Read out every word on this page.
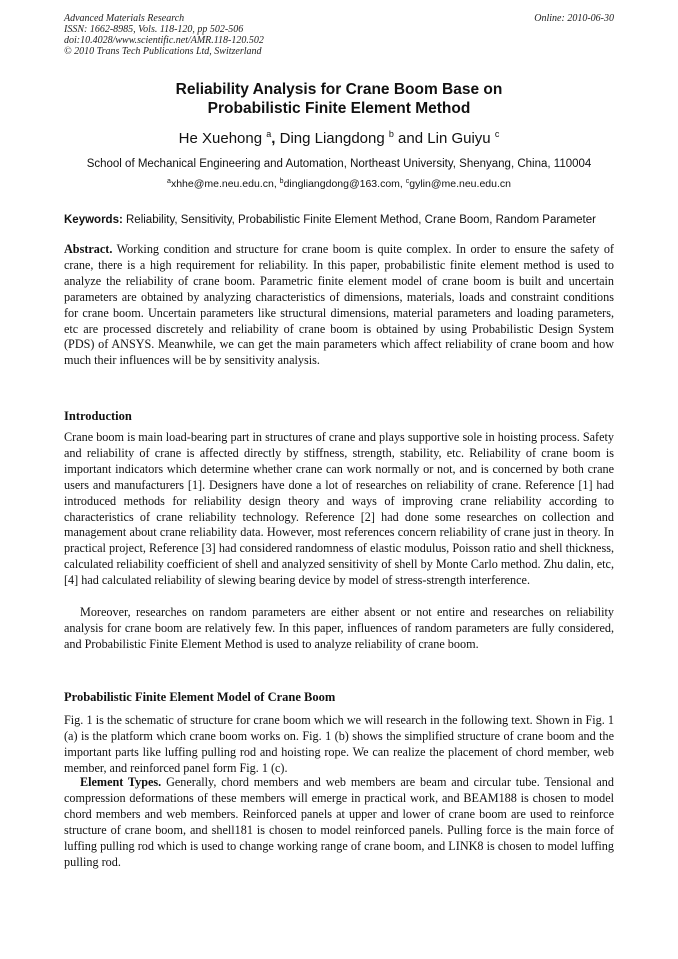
Advanced Materials Research
ISSN: 1662-8985, Vols. 118-120, pp 502-506
doi:10.4028/www.scientific.net/AMR.118-120.502
© 2010 Trans Tech Publications Ltd, Switzerland
Online: 2010-06-30
Reliability Analysis for Crane Boom Base on
Probabilistic Finite Element Method
He Xuehong $^a$, Ding Liangdong $^b$ and Lin Guiyu $^c$
School of Mechanical Engineering and Automation, Northeast University, Shenyang, China, 110004
$^a$xhhe@me.neu.edu.cn, $^b$dingliangdong@163.com, $^c$gylin@me.neu.edu.cn
Keywords: Reliability, Sensitivity, Probabilistic Finite Element Method, Crane Boom, Random Parameter
Abstract. Working condition and structure for crane boom is quite complex. In order to ensure the safety of crane, there is a high requirement for reliability. In this paper, probabilistic finite element method is used to analyze the reliability of crane boom. Parametric finite element model of crane boom is built and uncertain parameters are obtained by analyzing characteristics of dimensions, materials, loads and constraint conditions for crane boom. Uncertain parameters like structural dimensions, material parameters and loading parameters, etc are processed discretely and reliability of crane boom is obtained by using Probabilistic Design System (PDS) of ANSYS. Meanwhile, we can get the main parameters which affect reliability of crane boom and how much their influences will be by sensitivity analysis.
Introduction
Crane boom is main load-bearing part in structures of crane and plays supportive sole in hoisting process. Safety and reliability of crane is affected directly by stiffness, strength, stability, etc. Reliability of crane boom is important indicators which determine whether crane can work normally or not, and is concerned by both crane users and manufacturers [1]. Designers have done a lot of researches on reliability of crane. Reference [1] had introduced methods for reliability design theory and ways of improving crane reliability according to characteristics of crane reliability technology. Reference [2] had done some researches on collection and management about crane reliability data. However, most references concern reliability of crane just in theory. In practical project, Reference [3] had considered randomness of elastic modulus, Poisson ratio and shell thickness, calculated reliability coefficient of shell and analyzed sensitivity of shell by Monte Carlo method. Zhu dalin, etc, [4] had calculated reliability of slewing bearing device by model of stress-strength interference.
Moreover, researches on random parameters are either absent or not entire and researches on reliability analysis for crane boom are relatively few. In this paper, influences of random parameters are fully considered, and Probabilistic Finite Element Method is used to analyze reliability of crane boom.
Probabilistic Finite Element Model of Crane Boom
Fig. 1 is the schematic of structure for crane boom which we will research in the following text. Shown in Fig. 1 (a) is the platform which crane boom works on. Fig. 1 (b) shows the simplified structure of crane boom and the important parts like luffing pulling rod and hoisting rope. We can realize the placement of chord member, web member, and reinforced panel form Fig. 1 (c).
Element Types. Generally, chord members and web members are beam and circular tube. Tensional and compression deformations of these members will emerge in practical work, and BEAM188 is chosen to model chord members and web members. Reinforced panels at upper and lower of crane boom are used to reinforce structure of crane boom, and shell181 is chosen to model reinforced panels. Pulling force is the main force of luffing pulling rod which is used to change working range of crane boom, and LINK8 is chosen to model luffing pulling rod.
